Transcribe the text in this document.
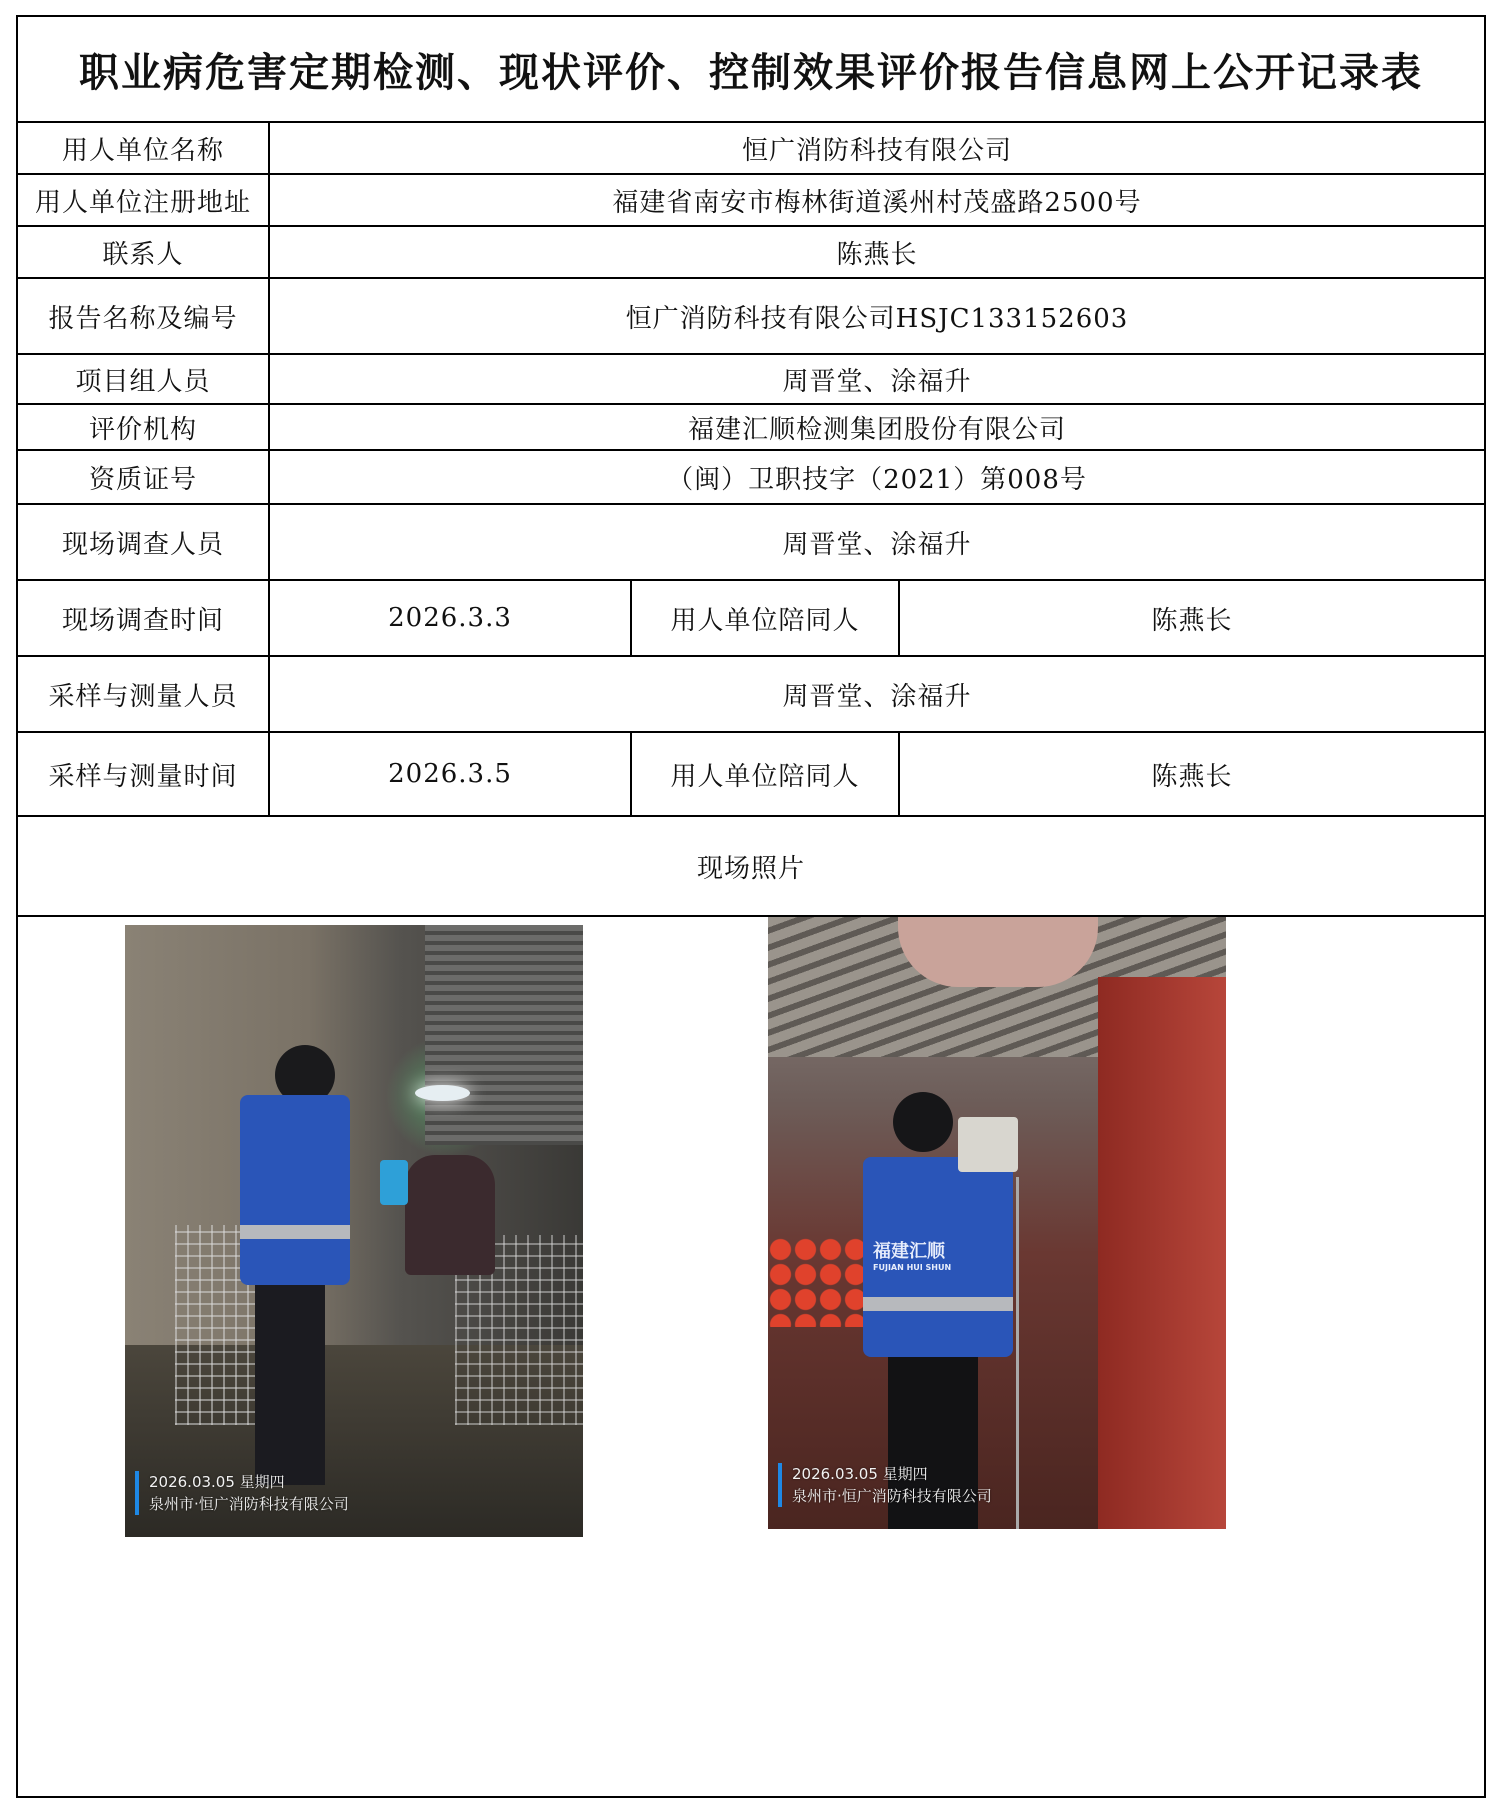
职业病危害定期检测、现状评价、控制效果评价报告信息网上公开记录表
用人单位名称	恒广消防科技有限公司
用人单位注册地址	福建省南安市梅林街道溪州村茂盛路2500号
联系人	陈燕长
报告名称及编号	恒广消防科技有限公司HSJC133152603
项目组人员	周晋堂、涂福升
评价机构	福建汇顺检测集团股份有限公司
资质证号	（闽）卫职技字（2021）第008号
现场调查人员	周晋堂、涂福升
现场调查时间	2026.3.3	用人单位陪同人	陈燕长
采样与测量人员	周晋堂、涂福升
采样与测量时间	2026.3.5	用人单位陪同人	陈燕长
现场照片
2026.03.05 星期四
泉州市·恒广消防科技有限公司
福建汇顺
FUJIAN HUI SHUN
2026.03.05 星期四
泉州市·恒广消防科技有限公司
